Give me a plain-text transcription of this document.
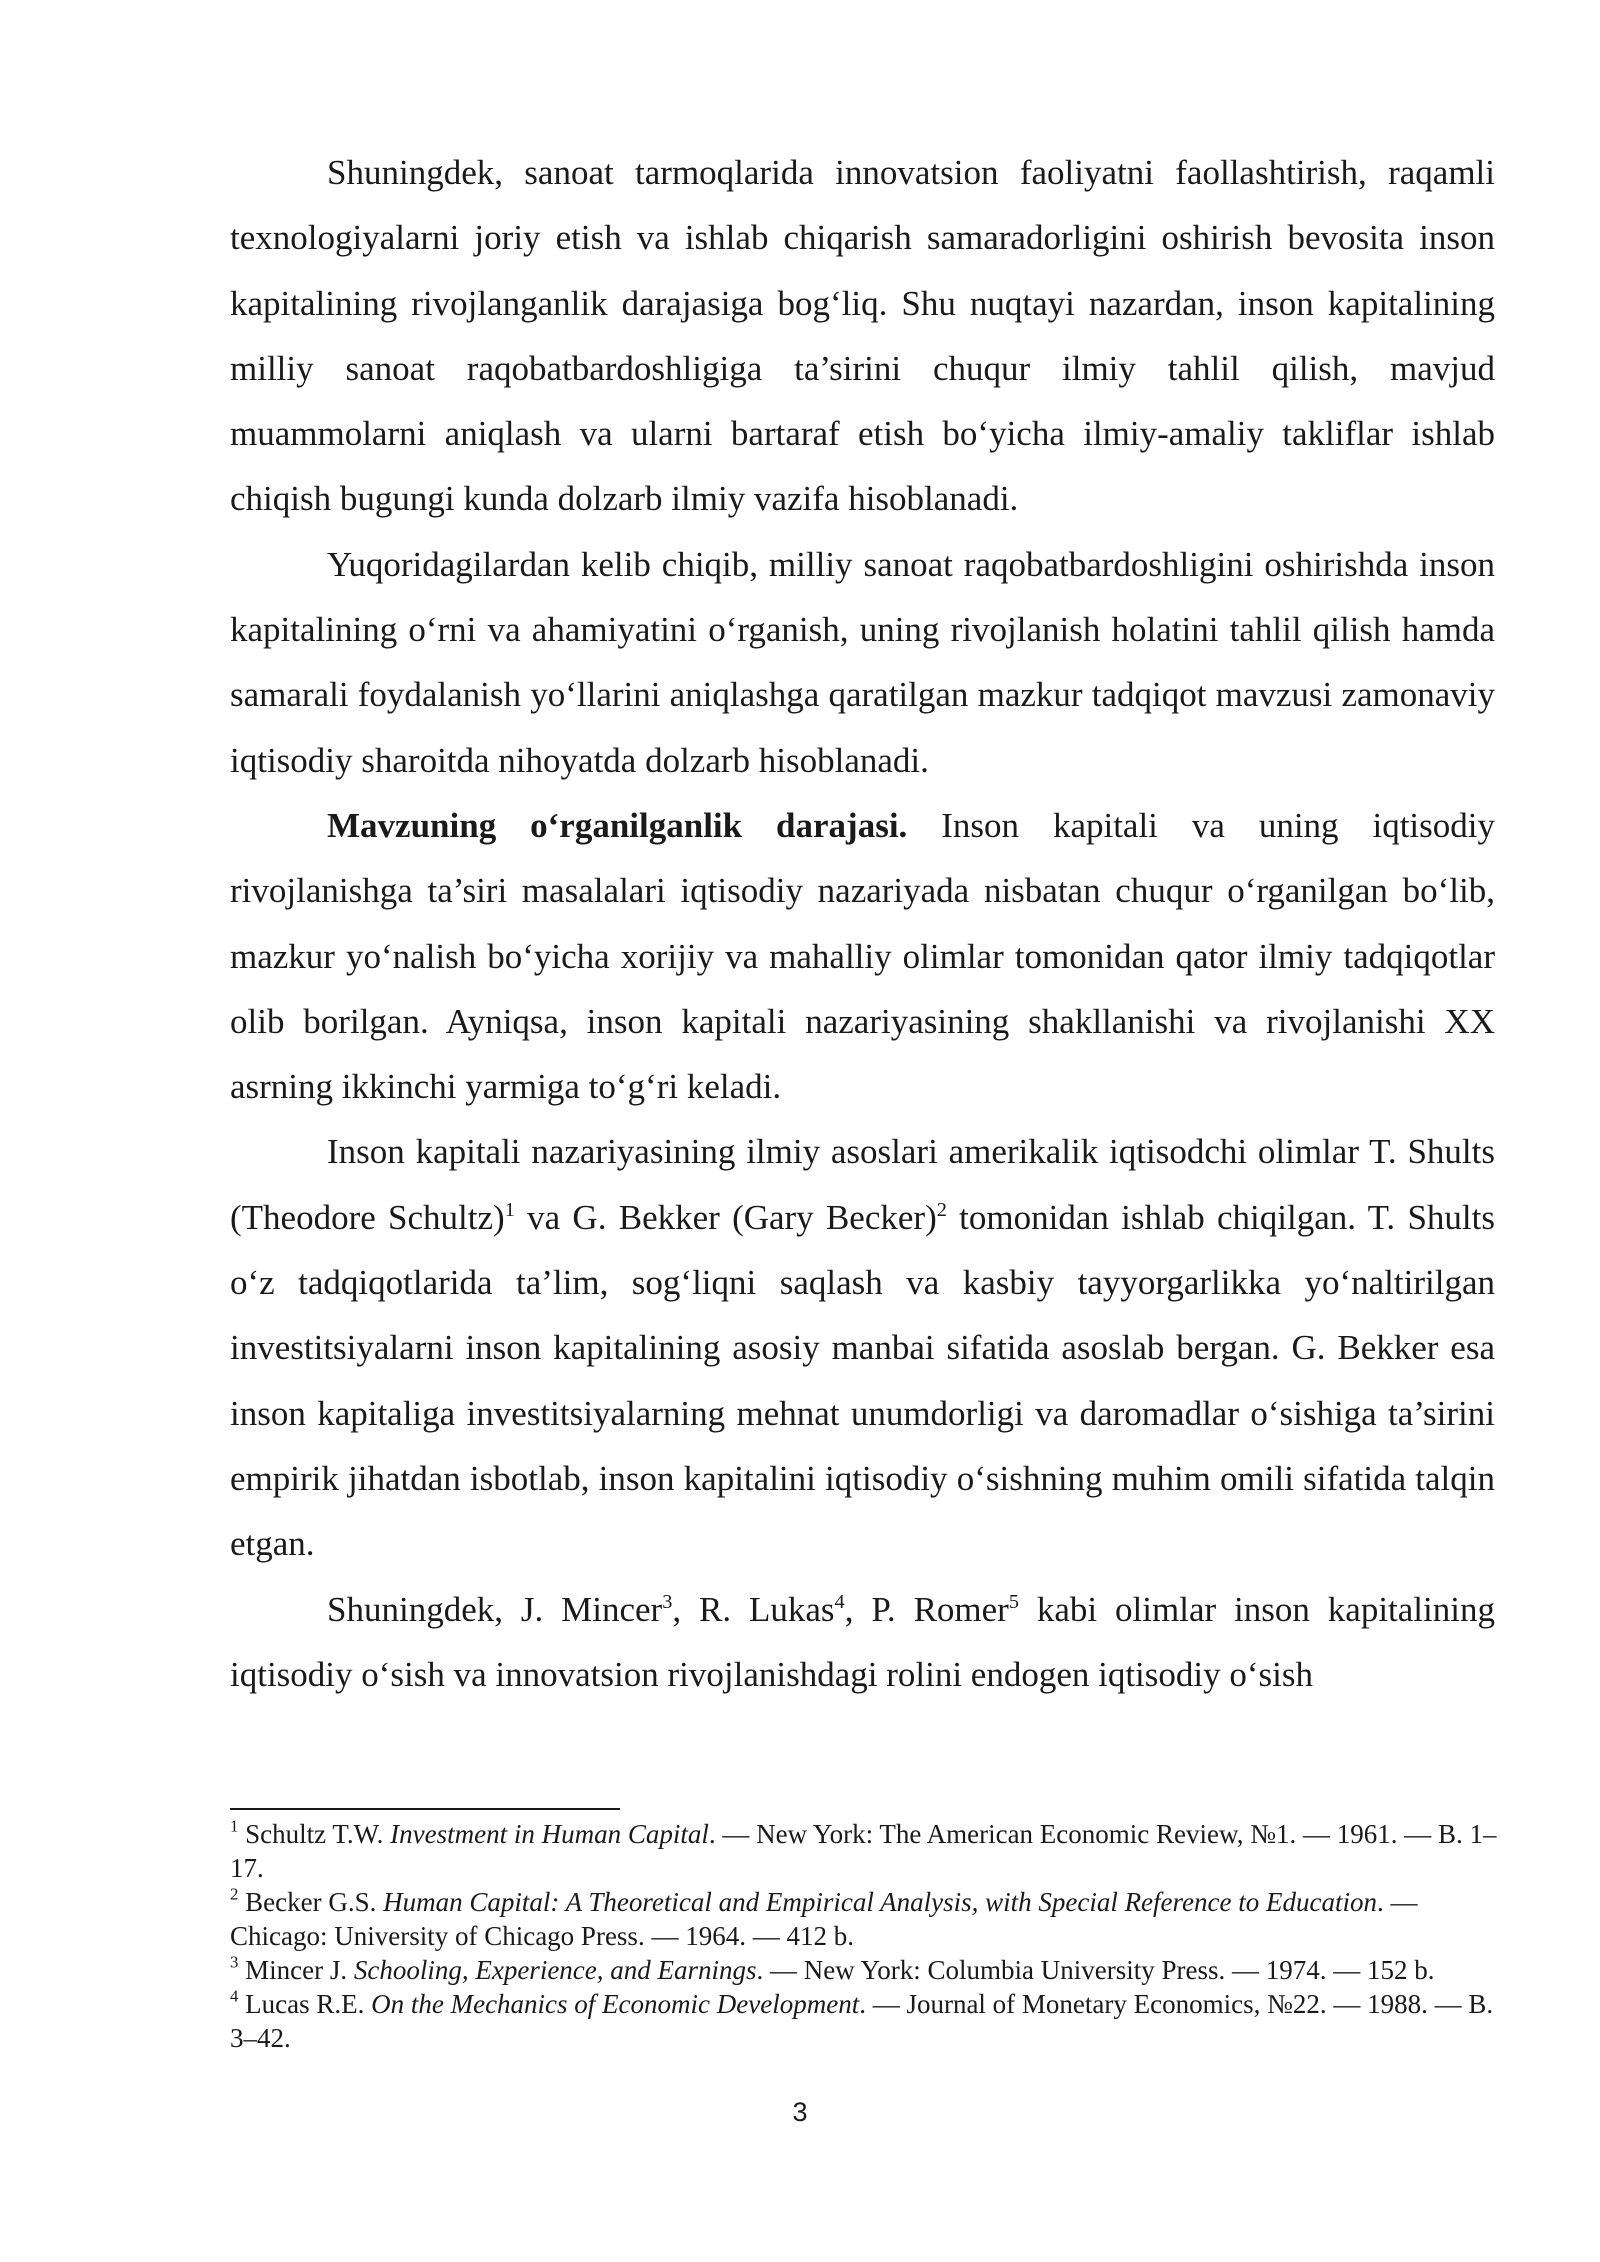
Shuningdek, sanoat tarmoqlarida innovatsion faoliyatni faollashtirish, raqamli texnologiyalarni joriy etish va ishlab chiqarish samaradorligini oshirish bevosita inson kapitalining rivojlanganlik darajasiga bog‘liq. Shu nuqtayi nazardan, inson kapitalining milliy sanoat raqobatbardoshligiga ta’sirini chuqur ilmiy tahlil qilish, mavjud muammolarni aniqlash va ularni bartaraf etish bo‘yicha ilmiy-amaliy takliflar ishlab chiqish bugungi kunda dolzarb ilmiy vazifa hisoblanadi.

Yuqoridagilardan kelib chiqib, milliy sanoat raqobatbardoshligini oshirishda inson kapitalining o‘rni va ahamiyatini o‘rganish, uning rivojlanish holatini tahlil qilish hamda samarali foydalanish yo‘llarini aniqlashga qaratilgan mazkur tadqiqot mavzusi zamonaviy iqtisodiy sharoitda nihoyatda dolzarb hisoblanadi.

Mavzuning o‘rganilganlik darajasi. Inson kapitali va uning iqtisodiy rivojlanishga ta’siri masalalari iqtisodiy nazariyada nisbatan chuqur o‘rganilgan bo‘lib, mazkur yo‘nalish bo‘yicha xorijiy va mahalliy olimlar tomonidan qator ilmiy tadqiqotlar olib borilgan. Ayniqsa, inson kapitali nazariyasining shakllanishi va rivojlanishi XX asrning ikkinchi yarmiga to‘g‘ri keladi.

Inson kapitali nazariyasining ilmiy asoslari amerikalik iqtisodchi olimlar T. Shults (Theodore Schultz)$^1$ va G. Bekker (Gary Becker)$^2$ tomonidan ishlab chiqilgan. T. Shults o‘z tadqiqotlarida ta’lim, sog‘liqni saqlash va kasbiy tayyorgarlikka yo‘naltirilgan investitsiyalarni inson kapitalining asosiy manbai sifatida asoslab bergan. G. Bekker esa inson kapitaliga investitsiyalarning mehnat unumdorligi va daromadlar o‘sishiga ta’sirini empirik jihatdan isbotlab, inson kapitalini iqtisodiy o‘sishning muhim omili sifatida talqin etgan.

Shuningdek, J. Mincer$^3$, R. Lukas$^4$, P. Romer$^5$ kabi olimlar inson kapitalining iqtisodiy o‘sish va innovatsion rivojlanishdagi rolini endogen iqtisodiy o‘sish

$^1$ Schultz T.W. Investment in Human Capital. — New York: The American Economic Review, №1. — 1961. — B. 1–17.

$^2$ Becker G.S. Human Capital: A Theoretical and Empirical Analysis, with Special Reference to Education. — Chicago: University of Chicago Press. — 1964. — 412 b.

$^3$ Mincer J. Schooling, Experience, and Earnings. — New York: Columbia University Press. — 1974. — 152 b.

$^4$ Lucas R.E. On the Mechanics of Economic Development. — Journal of Monetary Economics, №22. — 1988. — B. 3–42.

3
